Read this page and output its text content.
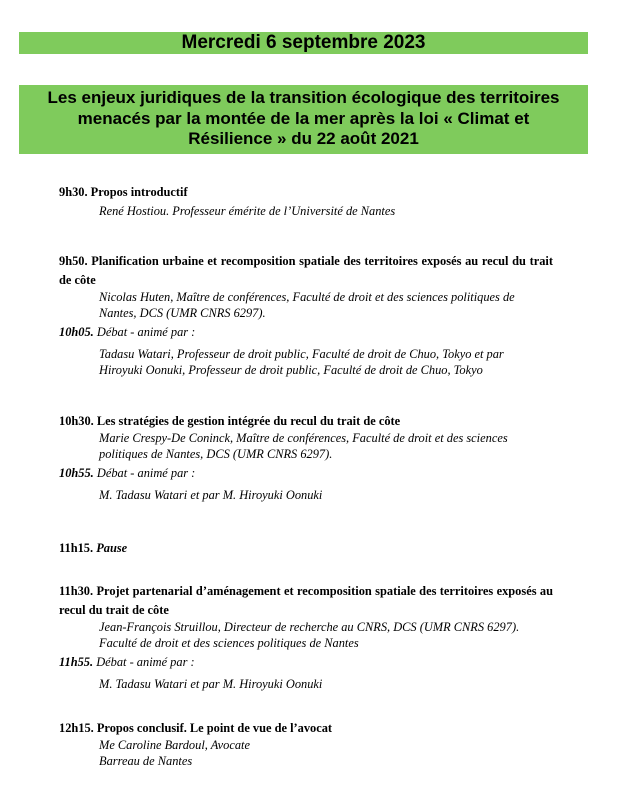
Mercredi 6 septembre 2023
Les enjeux juridiques de la transition écologique des territoires
menacés par la montée de la mer après la loi « Climat et
Résilience » du 22 août 2021
9h30. Propos introductif
René Hostiou. Professeur émérite de l’Université de Nantes
9h50. Planification urbaine et recomposition spatiale des territoires exposés au recul du trait de côte
Nicolas Huten, Maître de conférences, Faculté de droit et des sciences politiques de
Nantes, DCS (UMR CNRS 6297).
10h05. Débat - animé par :
Tadasu Watari, Professeur de droit public, Faculté de droit de Chuo, Tokyo et par
Hiroyuki Oonuki, Professeur de droit public, Faculté de droit de Chuo, Tokyo
10h30. Les stratégies de gestion intégrée du recul du trait de côte
Marie Crespy-De Coninck, Maître de conférences, Faculté de droit et des sciences
politiques de Nantes, DCS (UMR CNRS 6297).
10h55. Débat - animé par :
M. Tadasu Watari et par M. Hiroyuki Oonuki
11h15. Pause
11h30. Projet partenarial d’aménagement et recomposition spatiale des territoires exposés au recul du trait de côte
Jean-François Struillou, Directeur de recherche au CNRS, DCS (UMR CNRS 6297).
Faculté de droit et des sciences politiques de Nantes
11h55. Débat - animé par :
M. Tadasu Watari et par M. Hiroyuki Oonuki
12h15. Propos conclusif. Le point de vue de l’avocat
Me Caroline Bardoul, Avocate
Barreau de Nantes
